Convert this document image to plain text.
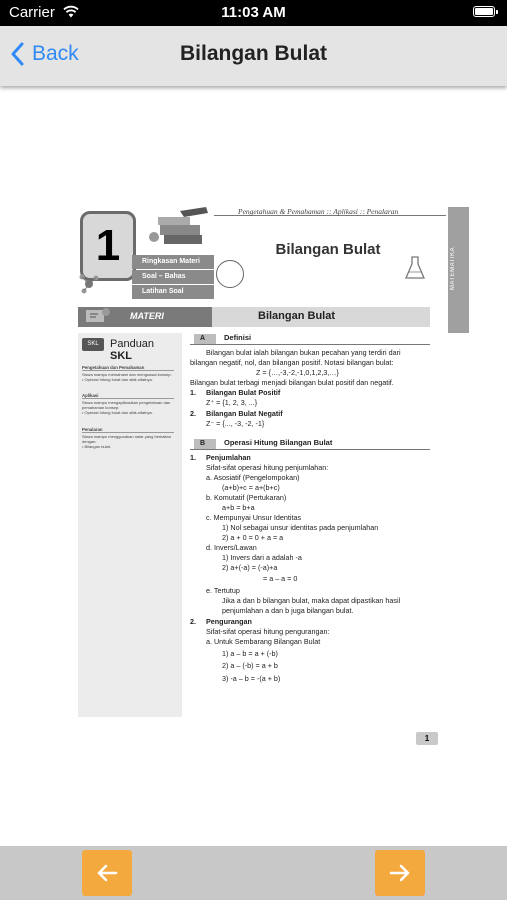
Carrier	11:03 AM
Back	Bilangan Bulat
1	Ringkasan Materi
Soal – Bahas
Latihan Soal
Pengetahuan & Pemahaman :: Aplikasi :: Penalaran
Bilangan Bulat	MATEMATIKA
MATERI	Bilangan Bulat
SKL	Panduan SKL
Pengetahuan dan Pemahaman
Siswa mampu memahami dan menguasai konsep:
• Operasi hitung bulat dan sifat-sifatnya.
Aplikasi
Siswa mampu mengaplikasikan pengetahuan dan pemahaman konsep:
• Operasi hitung bulat dan sifat-sifatnya.
Penalaran
Siswa mampu menggunakan nalar yang berkaitan dengan:
• Bilangan bulat.
A	Definisi
Bilangan bulat ialah bilangan bukan pecahan yang terdiri dari
bilangan negatif, nol, dan bilangan positif. Notasi bilangan bulat:
Z = {…,-3,-2,-1,0,1,2,3,…}
Bilangan bulat terbagi menjadi bilangan bulat positif dan negatif.
1. Bilangan Bulat Positif
Z⁺ = {1, 2, 3, ...}
2. Bilangan Bulat Negatif
Z⁻ = {..., -3, -2, -1}
B	Operasi Hitung Bilangan Bulat
1. Penjumlahan
Sifat-sifat operasi hitung penjumlahan:
a. Asosiatif (Pengelompokan)
(a+b)+c = a+(b+c)
b. Komutatif (Pertukaran)
a+b = b+a
c. Mempunyai Unsur Identitas
1) Nol sebagai unsur identitas pada penjumlahan
2) a + 0 = 0 + a = a
d. Invers/Lawan
1) Invers dari a adalah -a
2) a+(-a) = (-a)+a
= a – a = 0
e. Tertutup
Jika a dan b bilangan bulat, maka dapat dipastikan hasil
penjumlahan a dan b juga bilangan bulat.
2. Pengurangan
Sifat-sifat operasi hitung pengurangan:
a. Untuk Sembarang Bilangan Bulat
1) a – b = a + (-b)
2) a – (-b) = a + b
3) -a – b = -(a + b)
1
